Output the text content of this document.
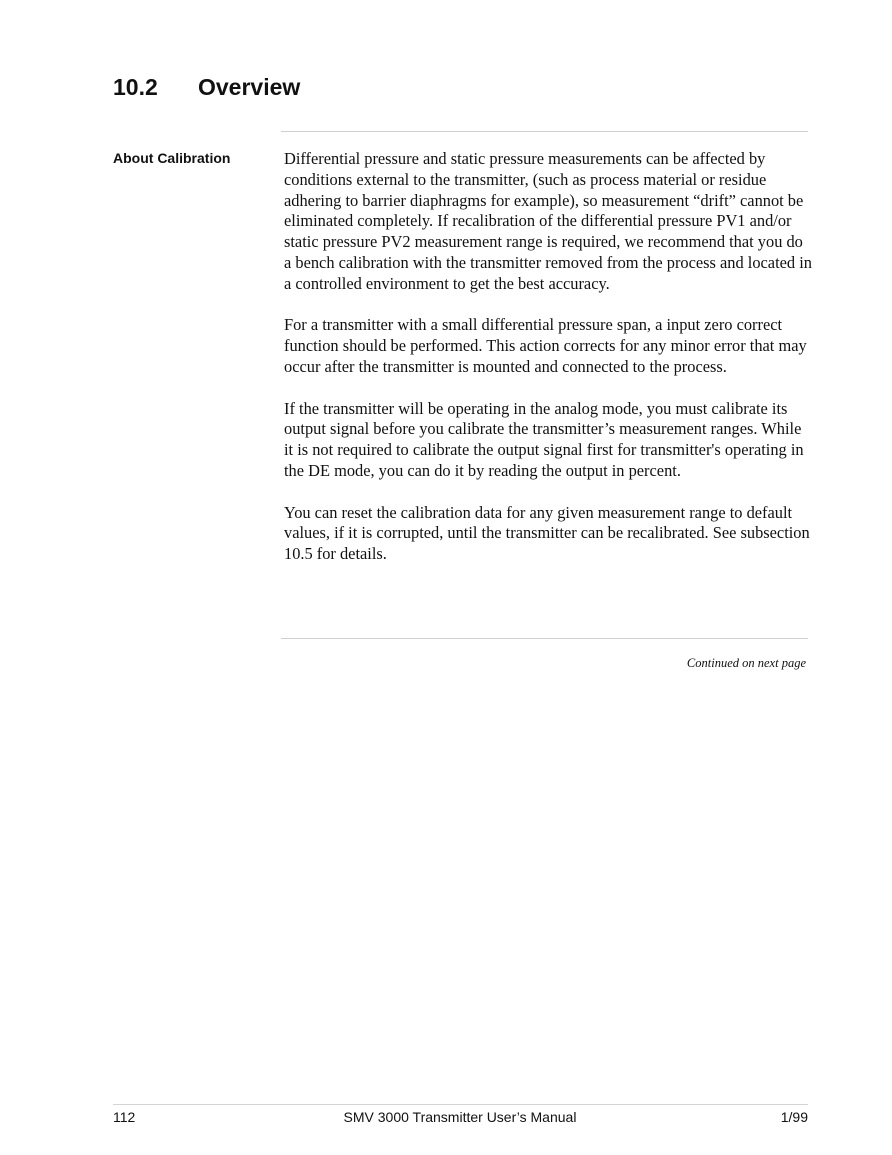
10.2 Overview
About Calibration	Differential pressure and static pressure measurements can be affected by conditions external to the transmitter, (such as process material or residue adhering to barrier diaphragms for example), so measurement “drift” cannot be eliminated completely. If recalibration of the differential pressure PV1 and/or static pressure PV2 measurement range is required, we recommend that you do a bench calibration with the transmitter removed from the process and located in a controlled environment to get the best accuracy.

For a transmitter with a small differential pressure span, a input zero correct function should be performed. This action corrects for any minor error that may occur after the transmitter is mounted and connected to the process.

If the transmitter will be operating in the analog mode, you must calibrate its output signal before you calibrate the transmitter’s measurement ranges. While it is not required to calibrate the output signal first for transmitter's operating in the DE mode, you can do it by reading the output in percent.

You can reset the calibration data for any given measurement range to default values, if it is corrupted, until the transmitter can be recalibrated. See subsection 10.5 for details.

Continued on next page
112	SMV 3000 Transmitter User’s Manual	1/99
